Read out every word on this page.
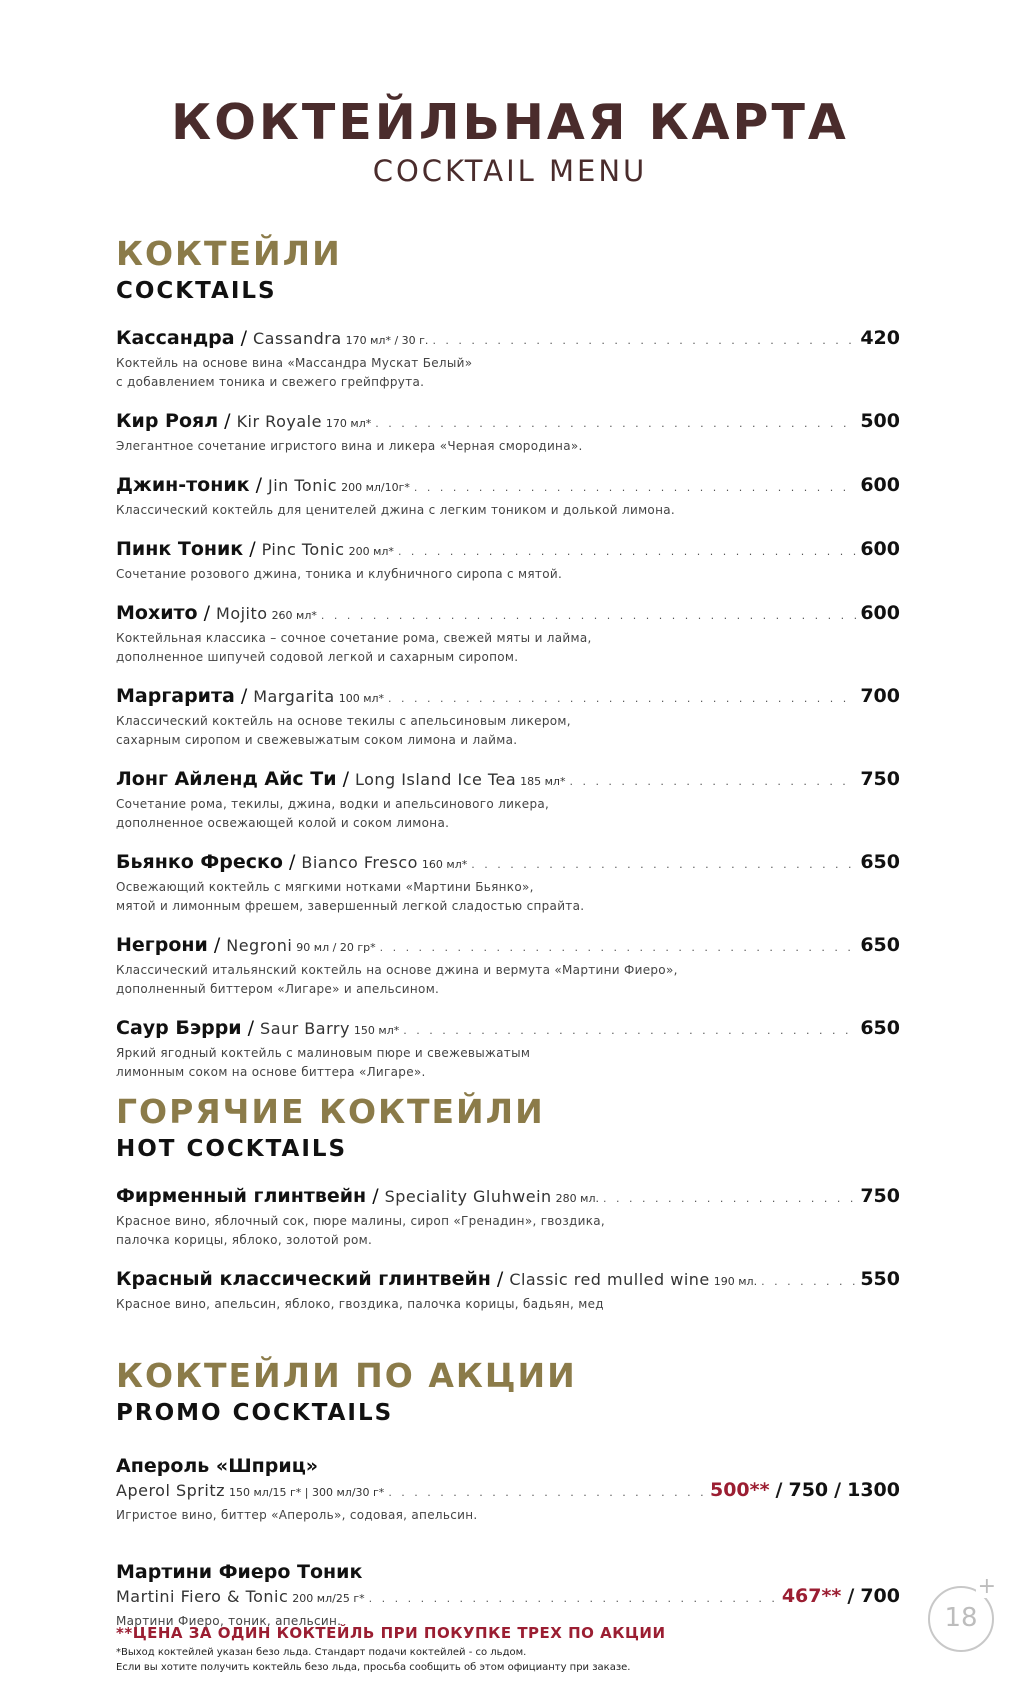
КОКТЕЙЛЬНАЯ КАРТА
COCKTAIL MENU
КОКТЕЙЛИ
COCKTAILS
Кассандра / Cassandra 170 мл* / 30 г. . . .	420
Коктейль на основе вина «Массандра Мускат Белый»
с добавлением тоника и свежего грейпфрута.
Кир Роял / Kir Royale 170 мл* . . .	500
Элегантное сочетание игристого вина и ликера «Черная смородина».
Джин-тоник / Jin Tonic 200 мл/10г* . . .	600
Классический коктейль для ценителей джина с легким тоником и долькой лимона.
Пинк Тоник / Pinc Tonic 200 мл* . . .	600
Сочетание розового джина, тоника и клубничного сиропа с мятой.
Мохито / Mojito 260 мл* . . .	600
Коктейльная классика – сочное сочетание рома, свежей мяты и лайма,
дополненное шипучей содовой легкой и сахарным сиропом.
Маргарита / Margarita 100 мл* . . .	700
Классический коктейль на основе текилы с апельсиновым ликером,
сахарным сиропом и свежевыжатым соком лимона и лайма.
Лонг Айленд Айс Ти / Long Island Ice Tea 185 мл* . . .	750
Сочетание рома, текилы, джина, водки и апельсинового ликера,
дополненное освежающей колой и соком лимона.
Бьянко Фреско / Bianco Fresco 160 мл* . . .	650
Освежающий коктейль с мягкими нотками «Мартини Бьянко»,
мятой и лимонным фрешем, завершенный легкой сладостью спрайта.
Негрони / Negroni 90 мл / 20 гр* . . .	650
Классический итальянский коктейль на основе джина и вермута «Мартини Фиеро»,
дополненный биттером «Лигаре» и апельсином.
Саур Бэрри / Saur Barry 150 мл* . . .	650
Яркий ягодный коктейль с малиновым пюре и свежевыжатым
лимонным соком на основе биттера «Лигаре».
ГОРЯЧИЕ КОКТЕЙЛИ
HOT COCKTAILS
Фирменный глинтвейн / Speciality Gluhwein 280 мл. . . .	750
Красное вино, яблочный сок, пюре малины, сироп «Гренадин», гвоздика,
палочка корицы, яблоко, золотой ром.
Красный классический глинтвейн / Classic red mulled wine 190 мл. . . .	550
Красное вино, апельсин, яблоко, гвоздика, палочка корицы, бадьян, мед
КОКТЕЙЛИ ПО АКЦИИ
PROMO COCKTAILS
Апероль «Шприц»
Aperol Spritz 150 мл/15 г* | 300 мл/30 г* . . .	500** / 750 / 1300
Игристое вино, биттер «Апероль», содовая, апельсин.
Мартини Фиеро Тоник
Martini Fiero & Tonic 200 мл/25 г* . . .	467** / 700
Мартини Фиеро, тоник, апельсин.
**ЦЕНА ЗА ОДИН КОКТЕЙЛЬ ПРИ ПОКУПКЕ ТРЕХ ПО АКЦИИ
*Выход коктейлей указан безо льда. Стандарт подачи коктейлей - со льдом.
Если вы хотите получить коктейль безо льда, просьба сообщить об этом официанту при заказе.
18
+
